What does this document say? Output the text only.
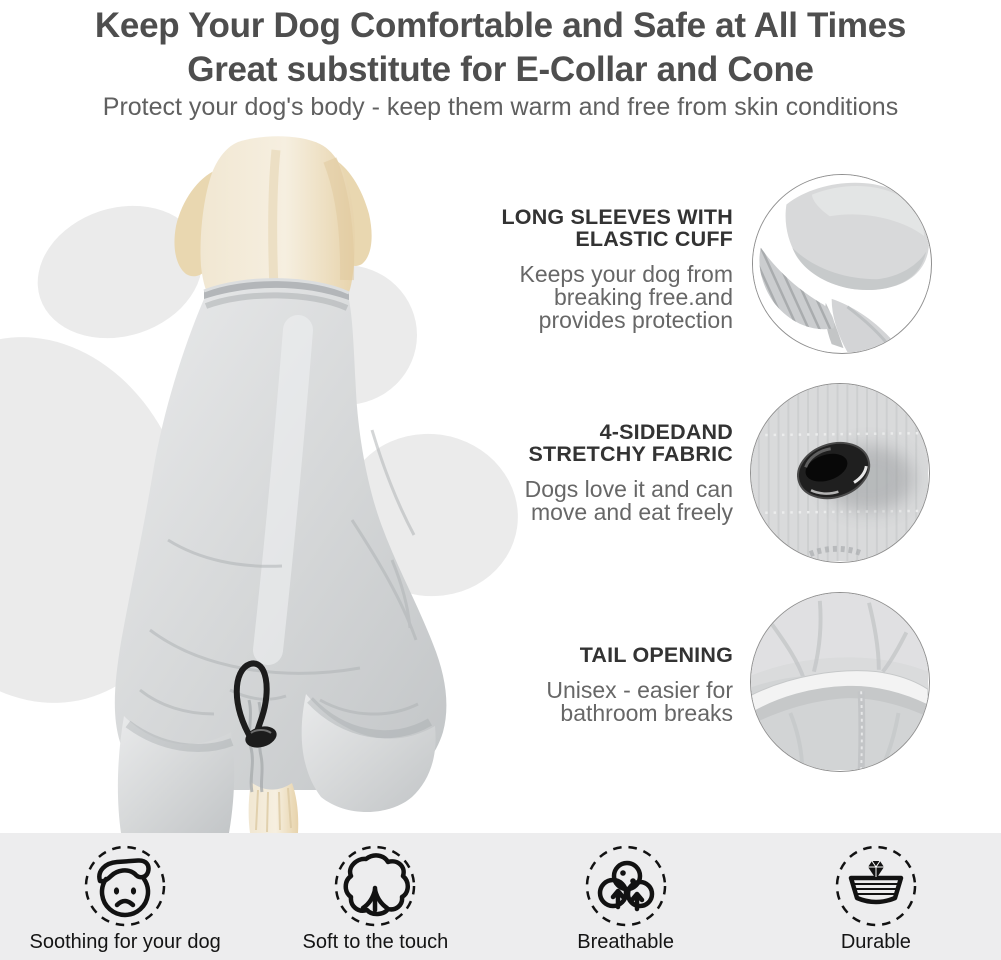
Keep Your Dog Comfortable and Safe at All Times
Great substitute for E-Collar and Cone
Protect your dog's body - keep them warm and free from skin conditions
LONG SLEEVES WITH
ELASTIC CUFF

Keeps your dog from
breaking free.and
provides protection

4-SIDEDAND
STRETCHY FABRIC

Dogs love it and can
move and eat freely

TAIL OPENING

Unisex - easier for
bathroom breaks

Soothing for your dog	Soft to the touch	Breathable	Durable
